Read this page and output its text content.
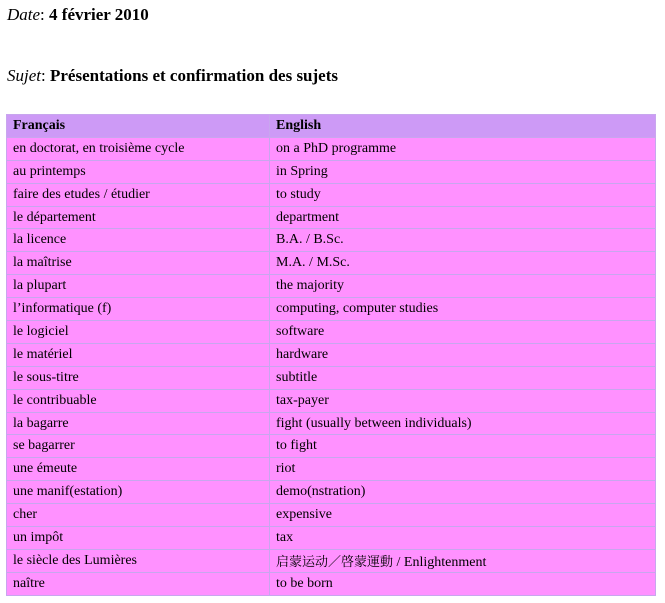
Date: 4 février 2010
Sujet: Présentations et confirmation des sujets
Français	English
en doctorat, en troisième cycle	on a PhD programme
au printemps	in Spring
faire des etudes / étudier	to study
le département	department
la licence	B.A. / B.Sc.
la maîtrise	M.A. / M.Sc.
la plupart	the majority
l’informatique (f)	computing, computer studies
le logiciel	software
le matériel	hardware
le sous-titre	subtitle
le contribuable	tax-payer
la bagarre	fight (usually between individuals)
se bagarrer	to fight
une émeute	riot
une manif(estation)	demo(nstration)
cher	expensive
un impôt	tax
le siècle des Lumières	启蒙运动／啓蒙運動 / Enlightenment
naître	to be born
